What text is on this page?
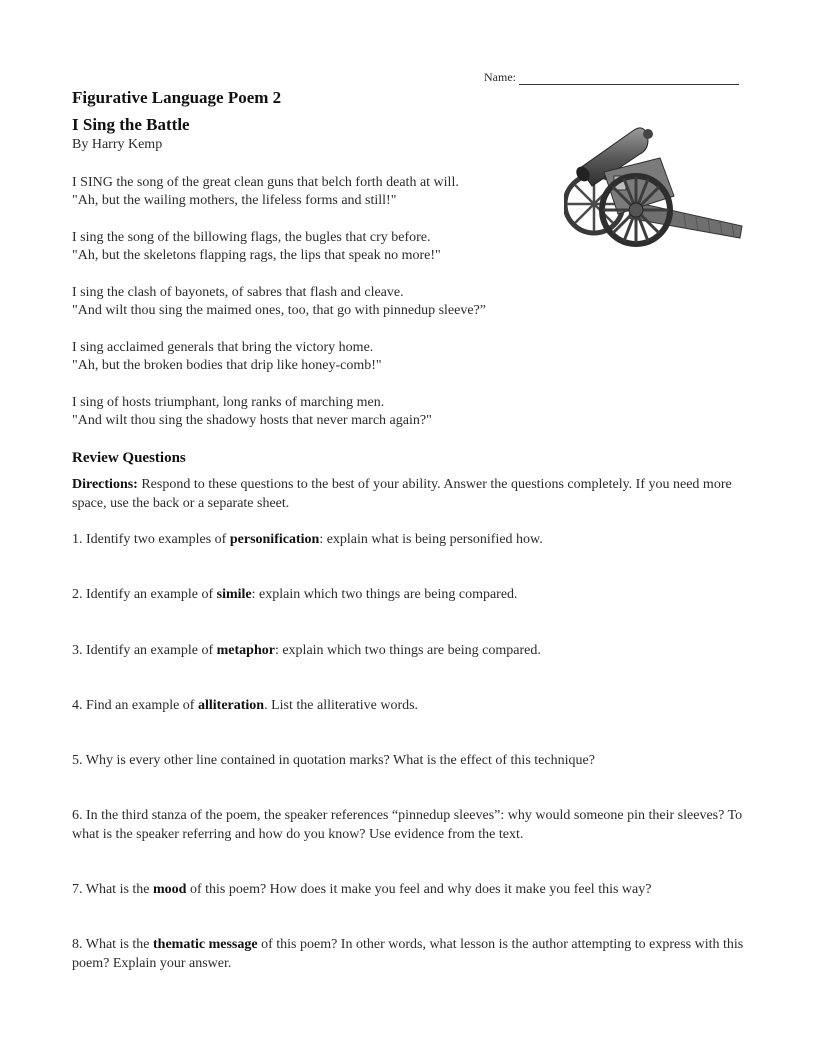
Name:
Figurative Language Poem 2
I Sing the Battle
By Harry Kemp
I SING the song of the great clean guns that belch forth death at will.
"Ah, but the wailing mothers, the lifeless forms and still!"
I sing the song of the billowing flags, the bugles that cry before.
"Ah, but the skeletons flapping rags, the lips that speak no more!"
I sing the clash of bayonets, of sabres that flash and cleave.
"And wilt thou sing the maimed ones, too, that go with pinnedup sleeve?”
I sing acclaimed generals that bring the victory home.
"Ah, but the broken bodies that drip like honey-comb!"
I sing of hosts triumphant, long ranks of marching men.
"And wilt thou sing the shadowy hosts that never march again?"
Review Questions
Directions: Respond to these questions to the best of your ability. Answer the questions completely. If you need more space, use the back or a separate sheet.
1. Identify two examples of personification: explain what is being personified how.
2. Identify an example of simile: explain which two things are being compared.
3. Identify an example of metaphor: explain which two things are being compared.
4. Find an example of alliteration. List the alliterative words.
5. Why is every other line contained in quotation marks? What is the effect of this technique?
6. In the third stanza of the poem, the speaker references “pinnedup sleeves”: why would someone pin their sleeves? To what is the speaker referring and how do you know? Use evidence from the text.
7. What is the mood of this poem? How does it make you feel and why does it make you feel this way?
8. What is the thematic message of this poem? In other words, what lesson is the author attempting to express with this poem? Explain your answer.
